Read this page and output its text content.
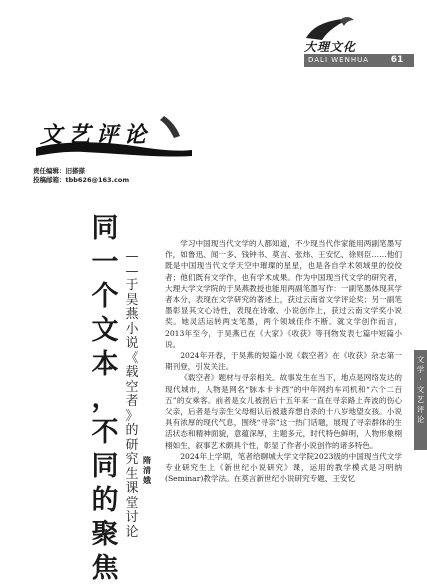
大理文化
DALI WENHUA	61
文艺评论
责任编辑：旧搽搽
投稿邮箱：tbb626@163.com
同
一
个
文
本
，
不
同
的
聚
焦
—
—
于
昊
燕
小
说
《
载
空
者
》
的
研
究
生
课
堂
讨
论
隋
清
娥

学习中国现当代文学的人都知道，不少现当代作家能用两副笔墨写作，如鲁迅、闻一多、钱钟书、莫言、张炜、王安忆、徐则臣……他们既是中国现当代文学天空中璀璨的星星，也是各自学术领域里的佼佼者；他们既有文学作，也有学术成果。作为中国现当代文学的研究者，大理大学文学院的于昊燕教授也能用两副笔墨写作：一副笔墨体现其学者本分，表现在文学研究的著述上，获过云南省文学评论奖；另一副笔墨彰显其文心诗性，表现在诗歌、小说创作上，获过云南文学奖小说奖。她灵活运转两支笔墨，两个领域佳作不断。就文学创作而言，2013年至今，于昊燕已在《大家》《收获》等刊物发表七篇中短篇小说。

2024年开春，于昊燕的短篇小说《载空者》在《收获》杂志第一期刊登，引发关注。

《载空者》题材与寻亲相关。故事发生在当下，地点是网络发达的现代城市，人物是网名“脉本卡卡西”的中年网约车司机和“六个二百五”的女乘客。前者是女儿被拐后十五年来一直在寻亲路上奔波的伤心父亲，后者是与亲生父母相认后被遗弃想自杀的十八岁地望女孩。小说具有浓厚的现代气息，围绕“寻亲”这一热门话题，展现了寻亲群体的生活状态和精神面貌，意蕴深厚，主题多元，时代特色鲜明，人物形象栩栩如生，叙事艺术颇具个性，彰显了作者小说创作的诸多特色。

2024年上学期，笔者给聊城大学文学院2023级的中国现当代文学专业研究生上《新世纪小说研究》课，运用的教学模式是习明纳(Seminar)教学法。在莫言新世纪小说研究专题、王安忆

文
学
·
文
艺
评
论
